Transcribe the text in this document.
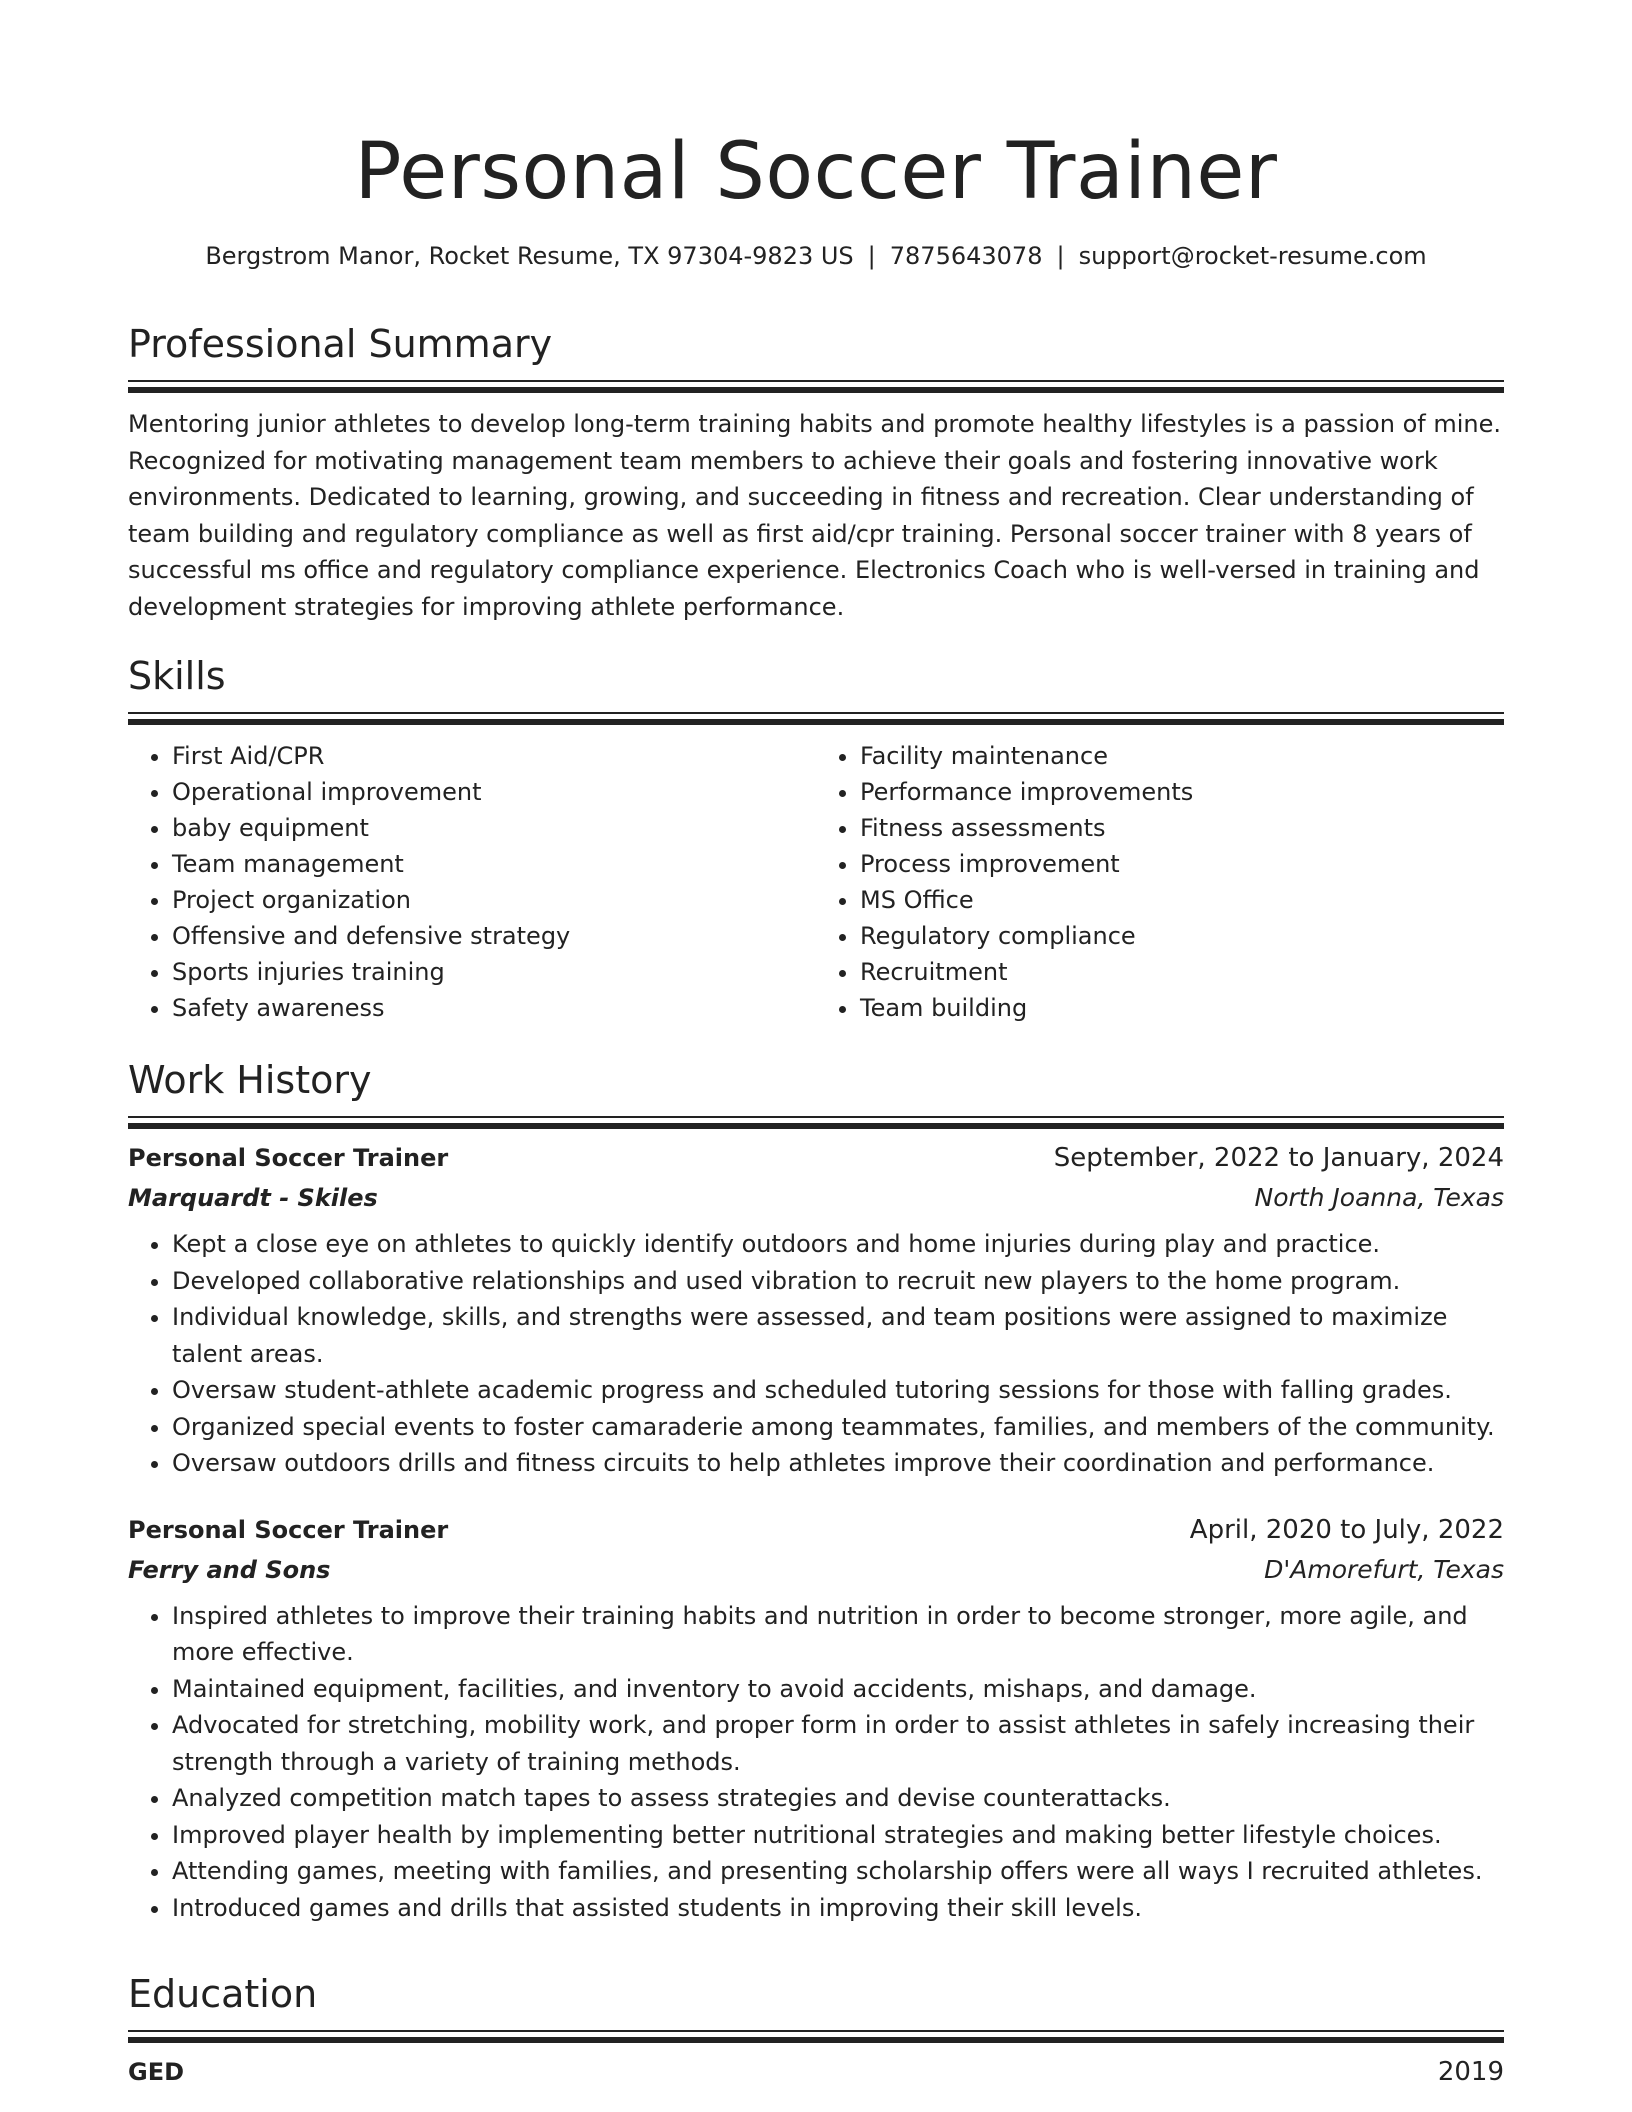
Personal Soccer Trainer
Bergstrom Manor, Rocket Resume, TX 97304-9823 US | 7875643078 | support@rocket-resume.com
Professional Summary
Mentoring junior athletes to develop long-term training habits and promote healthy lifestyles is a passion of mine. Recognized for motivating management team members to achieve their goals and fostering innovative work environments. Dedicated to learning, growing, and succeeding in fitness and recreation. Clear understanding of team building and regulatory compliance as well as first aid/cpr training. Personal soccer trainer with 8 years of successful ms office and regulatory compliance experience. Electronics Coach who is well-versed in training and development strategies for improving athlete performance.
Skills
• First Aid/CPR
• Operational improvement
• baby equipment
• Team management
• Project organization
• Offensive and defensive strategy
• Sports injuries training
• Safety awareness
• Facility maintenance
• Performance improvements
• Fitness assessments
• Process improvement
• MS Office
• Regulatory compliance
• Recruitment
• Team building
Work History
Personal Soccer Trainer	September, 2022 to January, 2024
Marquardt - Skiles	North Joanna, Texas
• Kept a close eye on athletes to quickly identify outdoors and home injuries during play and practice.
• Developed collaborative relationships and used vibration to recruit new players to the home program.
• Individual knowledge, skills, and strengths were assessed, and team positions were assigned to maximize talent areas.
• Oversaw student-athlete academic progress and scheduled tutoring sessions for those with falling grades.
• Organized special events to foster camaraderie among teammates, families, and members of the community.
• Oversaw outdoors drills and fitness circuits to help athletes improve their coordination and performance.
Personal Soccer Trainer	April, 2020 to July, 2022
Ferry and Sons	D'Amorefurt, Texas
• Inspired athletes to improve their training habits and nutrition in order to become stronger, more agile, and more effective.
• Maintained equipment, facilities, and inventory to avoid accidents, mishaps, and damage.
• Advocated for stretching, mobility work, and proper form in order to assist athletes in safely increasing their strength through a variety of training methods.
• Analyzed competition match tapes to assess strategies and devise counterattacks.
• Improved player health by implementing better nutritional strategies and making better lifestyle choices.
• Attending games, meeting with families, and presenting scholarship offers were all ways I recruited athletes.
• Introduced games and drills that assisted students in improving their skill levels.
Education
GED	2019
